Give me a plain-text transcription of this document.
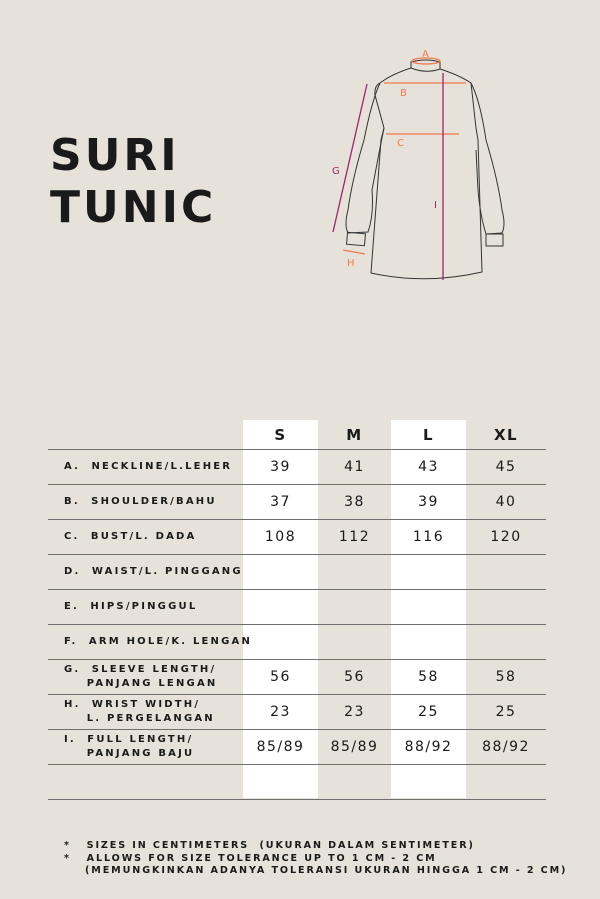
SURI
TUNIC
A
B
C
H
G
I
	S	M	L	XL
A.  NECKLINE/L.LEHER	39	41	43	45
B.  SHOULDER/BAHU	37	38	39	40
C.  BUST/L. DADA	108	112	116	120
D.  WAIST/L. PINGGANG				
E.  HIPS/PINGGUL				
F.  ARM HOLE/K. LENGAN				
G.  SLEEVE LENGTH/
PANJANG LENGAN	56	56	58	58
H.  WRIST WIDTH/
L. PERGELANGAN	23	23	25	25
I.  FULL LENGTH/
PANJANG BAJU	85/89	85/89	88/92	88/92

*   SIZES IN CENTIMETERS  (UKURAN DALAM SENTIMETER)
*   ALLOWS FOR SIZE TOLERANCE UP TO 1 CM - 2 CM
(MEMUNGKINKAN ADANYA TOLERANSI UKURAN HINGGA 1 CM - 2 CM)
